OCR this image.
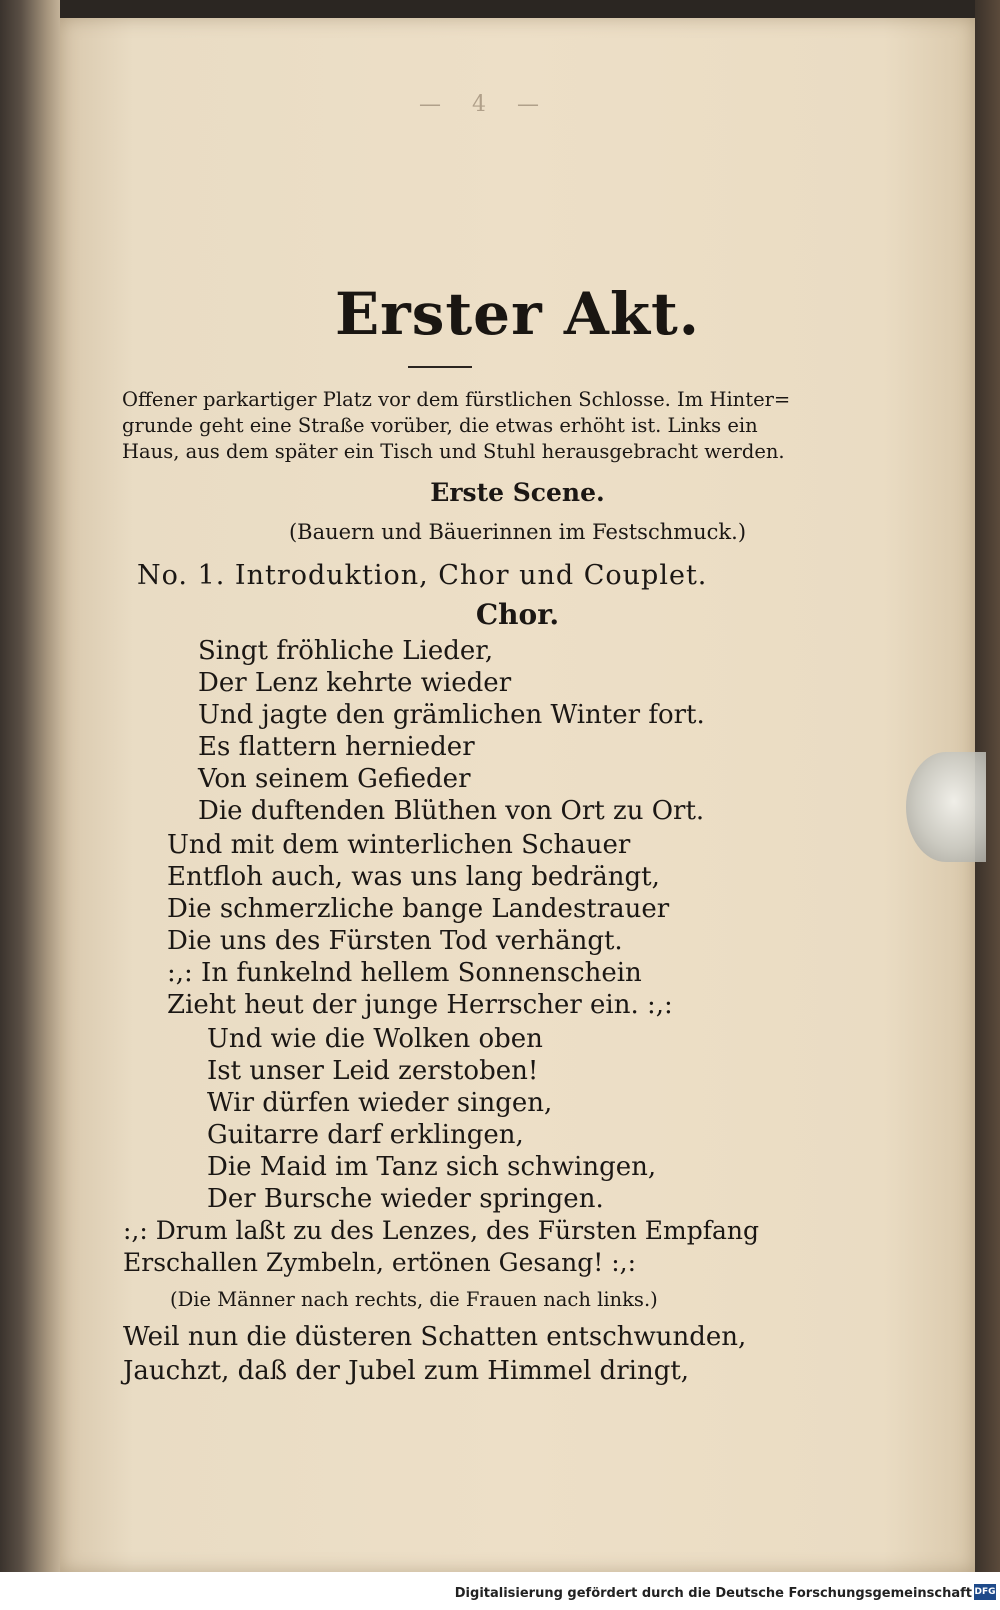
— 4 —
Erster Akt.
Offener parkartiger Platz vor dem fürstlichen Schlosse. Im Hinter=
grunde geht eine Straße vorüber, die etwas erhöht ist. Links ein
Haus, aus dem später ein Tisch und Stuhl herausgebracht werden.
Erste Scene.
(Bauern und Bäuerinnen im Festschmuck.)
No. 1. Introduktion, Chor und Couplet.
Chor.
Singt fröhliche Lieder,
Der Lenz kehrte wieder
Und jagte den grämlichen Winter fort.
Es flattern hernieder
Von seinem Gefieder
Die duftenden Blüthen von Ort zu Ort.
Und mit dem winterlichen Schauer
Entfloh auch, was uns lang bedrängt,
Die schmerzliche bange Landestrauer
Die uns des Fürsten Tod verhängt.
:,: In funkelnd hellem Sonnenschein
Zieht heut der junge Herrscher ein. :,:
Und wie die Wolken oben
Ist unser Leid zerstoben!
Wir dürfen wieder singen,
Guitarre darf erklingen,
Die Maid im Tanz sich schwingen,
Der Bursche wieder springen.
:,: Drum laßt zu des Lenzes, des Fürsten Empfang
Erschallen Zymbeln, ertönen Gesang! :,:
(Die Männer nach rechts, die Frauen nach links.)
Weil nun die düsteren Schatten entschwunden,
Jauchzt, daß der Jubel zum Himmel dringt,
Digitalisierung gefördert durch die Deutsche Forschungsgemeinschaft DFG
